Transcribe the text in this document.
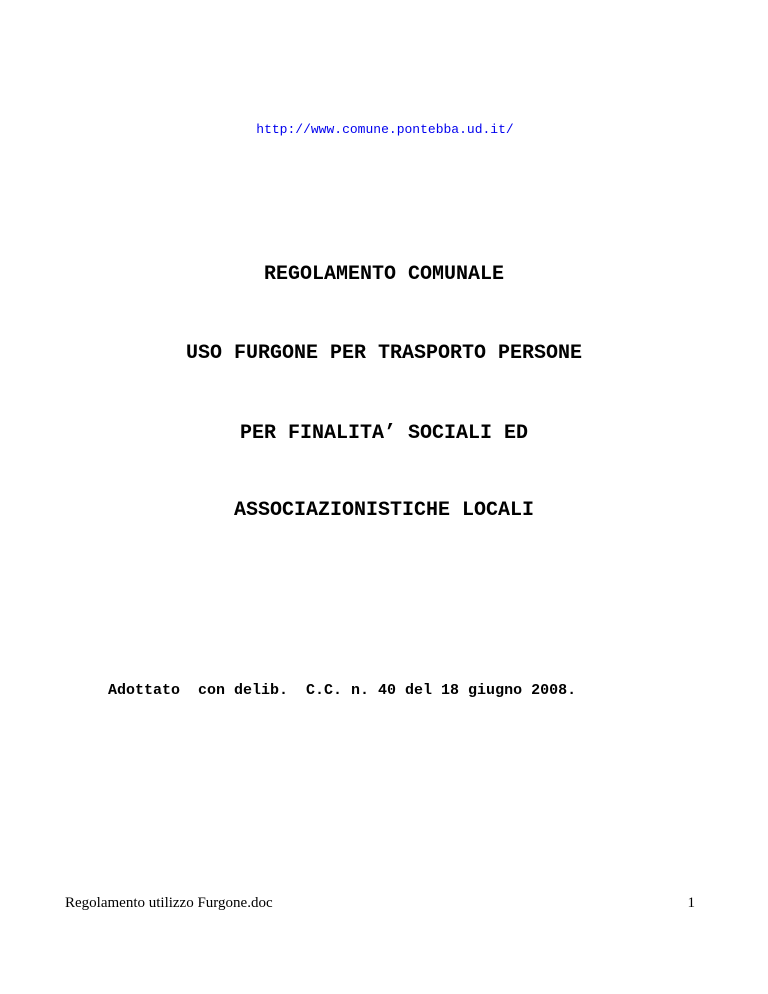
http://www.comune.pontebba.ud.it/
REGOLAMENTO COMUNALE
USO FURGONE PER TRASPORTO PERSONE
PER FINALITA’ SOCIALI ED
ASSOCIAZIONISTICHE LOCALI
Adottato  con delib.  C.C. n. 40 del 18 giugno 2008.
Regolamento utilizzo Furgone.doc	1
